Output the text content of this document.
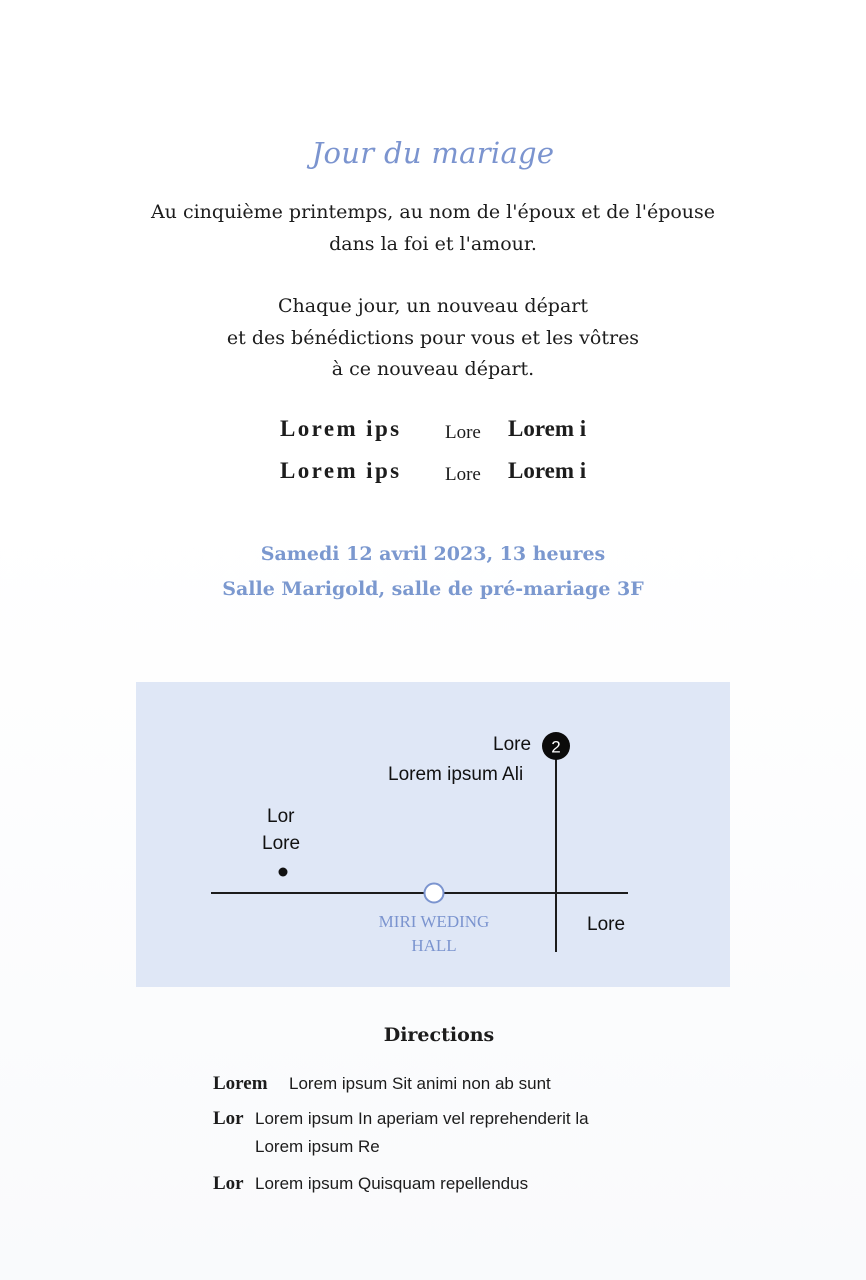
Jour du mariage
Au cinquième printemps, au nom de l'époux et de l'épouse
dans la foi et l'amour.
Chaque jour, un nouveau départ
et des bénédictions pour vous et les vôtres
à ce nouveau départ.
Lorem ips	Lore Lorem i
Lorem ips	Lore Lorem i
Samedi 12 avril 2023, 13 heures
Salle Marigold, salle de pré-mariage 3F
2
Lore
Lorem ipsum Ali
Lor
Lore
MIRI WEDING
HALL
Lore
Directions
Lorem Lorem ipsum Sit animi non ab sunt
Lor Lorem ipsum In aperiam vel reprehenderit la
Lorem ipsum Re
Lor Lorem ipsum Quisquam repellendus
